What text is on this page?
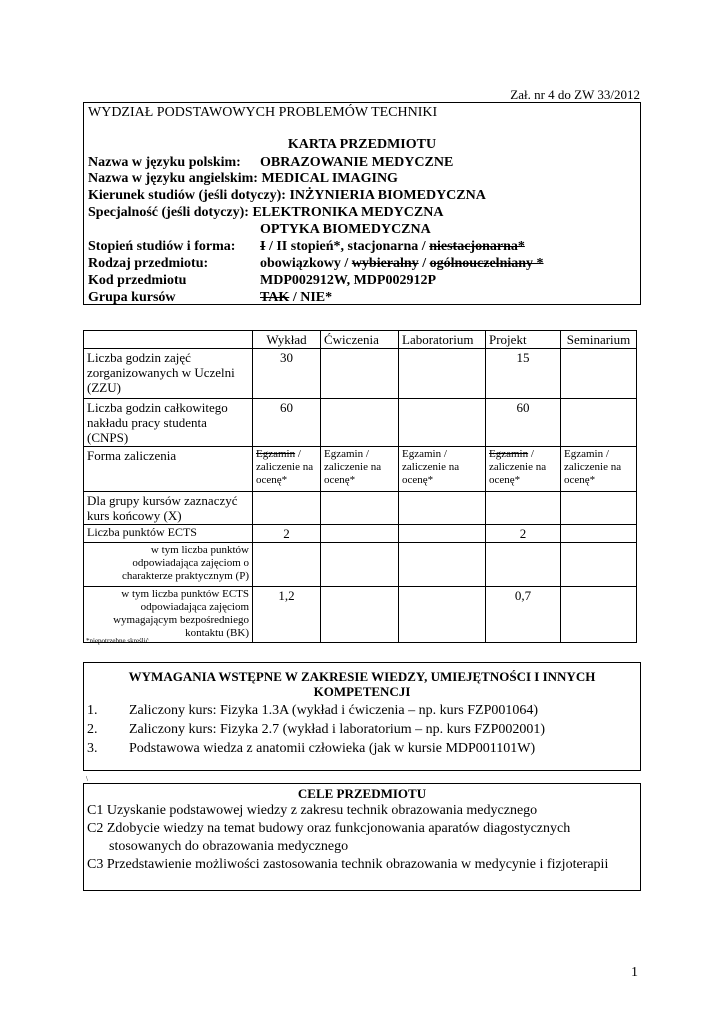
Zał. nr 4 do ZW 33/2012
WYDZIAŁ PODSTAWOWYCH PROBLEMÓW TECHNIKI
KARTA PRZEDMIOTU
Nazwa w języku polskim: OBRAZOWANIE MEDYCZNE
Nazwa w języku angielskim: MEDICAL IMAGING
Kierunek studiów (jeśli dotyczy): INŻYNIERIA BIOMEDYCZNA
Specjalność (jeśli dotyczy): ELEKTRONIKA MEDYCZNA
OPTYKA BIOMEDYCZNA
Stopień studiów i forma: I / II stopień*, stacjonarna / niestacjonarna*
Rodzaj przedmiotu:	obowiązkowy / wybieralny / ogólnouczelniany *
Kod przedmiotu	MDP002912W, MDP002912P
Grupa kursów	TAK / NIE*
	Wykład	Ćwiczenia	Laboratorium	Projekt	Seminarium
Liczba godzin zajęć zorganizowanych w Uczelni (ZZU)	30			15	
Liczba godzin całkowitego nakładu pracy studenta (CNPS)	60			60	
Forma zaliczenia	Egzamin / zaliczenie na ocenę*	Egzamin / zaliczenie na ocenę*	Egzamin / zaliczenie na ocenę*	Egzamin / zaliczenie na ocenę*	Egzamin / zaliczenie na ocenę*
Dla grupy kursów zaznaczyć kurs końcowy (X)					
Liczba punktów ECTS	2			2	
w tym liczba punktów odpowiadająca zajęciom o charakterze praktycznym (P)					
w tym liczba punktów ECTS odpowiadająca zajęciom wymagającym bezpośredniego kontaktu (BK)	1,2			0,7	
*niepotrzebne skreślić
WYMAGANIA WSTĘPNE W ZAKRESIE WIEDZY, UMIEJĘTNOŚCI I INNYCH KOMPETENCJI
1. Zaliczony kurs: Fizyka 1.3A (wykład i ćwiczenia – np. kurs FZP001064)
2. Zaliczony kurs: Fizyka 2.7 (wykład i laboratorium – np. kurs FZP002001)
3. Podstawowa wiedza z anatomii człowieka (jak w kursie MDP001101W)
\
CELE PRZEDMIOTU

C1 Uzyskanie podstawowej wiedzy z zakresu technik obrazowania medycznego

C2 Zdobycie wiedzy na temat budowy oraz funkcjonowania aparatów diagostycznych

stosowanych do obrazowania medycznego

C3 Przedstawienie możliwości zastosowania technik obrazowania w medycynie i fizjoterapii

1
